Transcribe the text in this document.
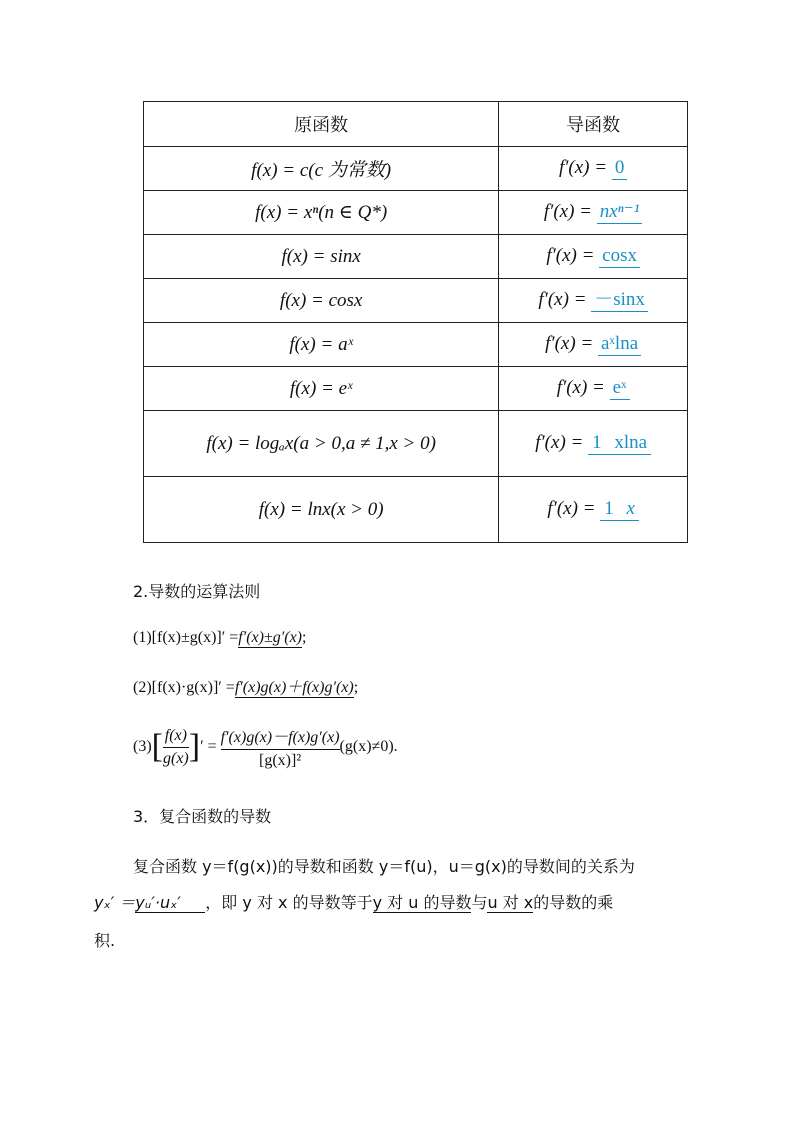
原函数	导函数
f(x) = c(c 为常数)	f′(x) = 0
f(x) = xⁿ(n ∈ Q*)	f′(x) = nxⁿ⁻¹
f(x) = sinx	f′(x) = cosx
f(x) = cosx	f′(x) = －sinx
f(x) = aˣ	f′(x) = aˣlna
f(x) = eˣ	f′(x) = eˣ
f(x) = logₐx(a > 0,a ≠ 1,x > 0)	f′(x) = 1 xlna
f(x) = lnx(x > 0)	f′(x) = 1 x
2.导数的运算法则
(1)[f(x)±g(x)]′ =f′(x)±g′(x);
(2)[f(x)·g(x)]′ =f′(x)g(x)＋f(x)g′(x);
(3) [ f(x)
g(x) ] ′ =
f′(x)g(x)－f(x)g′(x)
[g(x)]²
(g(x)≠0).
3．复合函数的导数
复合函数 y＝f(g(x))的导数和函数 y＝f(u)，u＝g(x)的导数间的关系为
yₓ′ ＝yᵤ′·uₓ′ ，即 y 对 x 的导数等于y 对 u 的导数与u 对 x的导数的乘
积.
